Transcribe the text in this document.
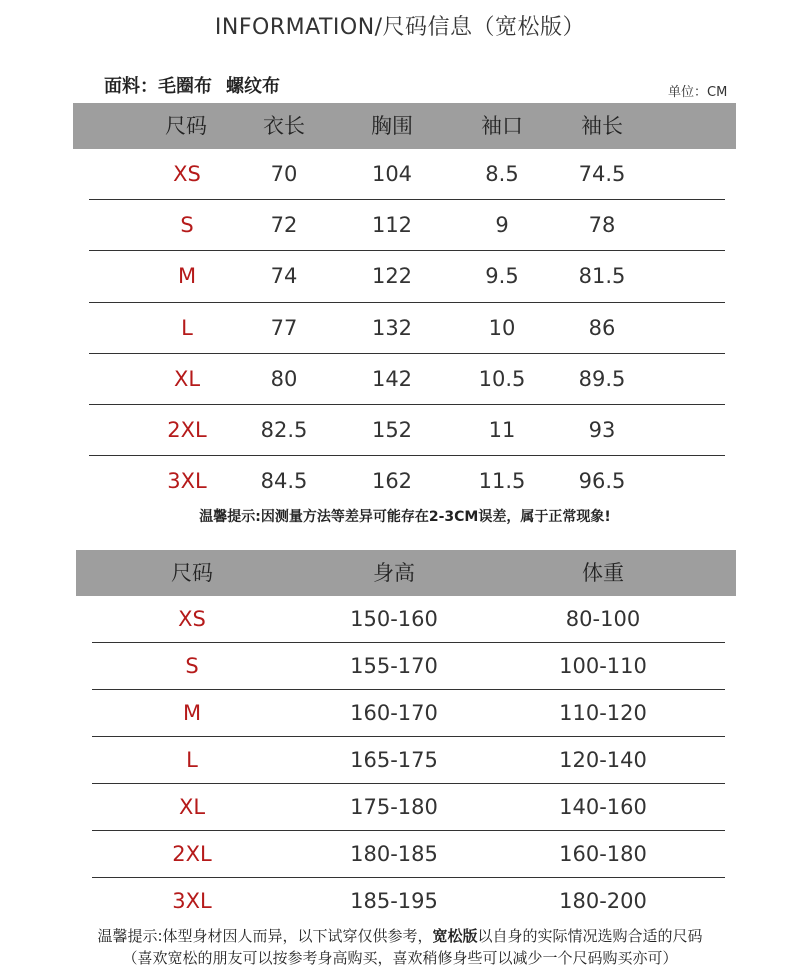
INFORMATION/尺码信息（宽松版）
面料：毛圈布 螺纹布	单位：CM
尺码	衣长	胸围	袖口	袖长
XS	70	104	8.5	74.5
S	72	112	9	78
M	74	122	9.5	81.5
L	77	132	10	86
XL	80	142	10.5	89.5
2XL	82.5	152	11	93
3XL	84.5	162	11.5	96.5
温馨提示:因测量方法等差异可能存在2-3CM误差，属于正常现象!
尺码	身高	体重
XS	150-160	80-100
S	155-170	100-110
M	160-170	110-120
L	165-175	120-140
XL	175-180	140-160
2XL	180-185	160-180
3XL	185-195	180-200
温馨提示:体型身材因人而异，以下试穿仅供参考，宽松版以自身的实际情况选购合适的尺码
（喜欢宽松的朋友可以按参考身高购买，喜欢稍修身些可以减少一个尺码购买亦可）
